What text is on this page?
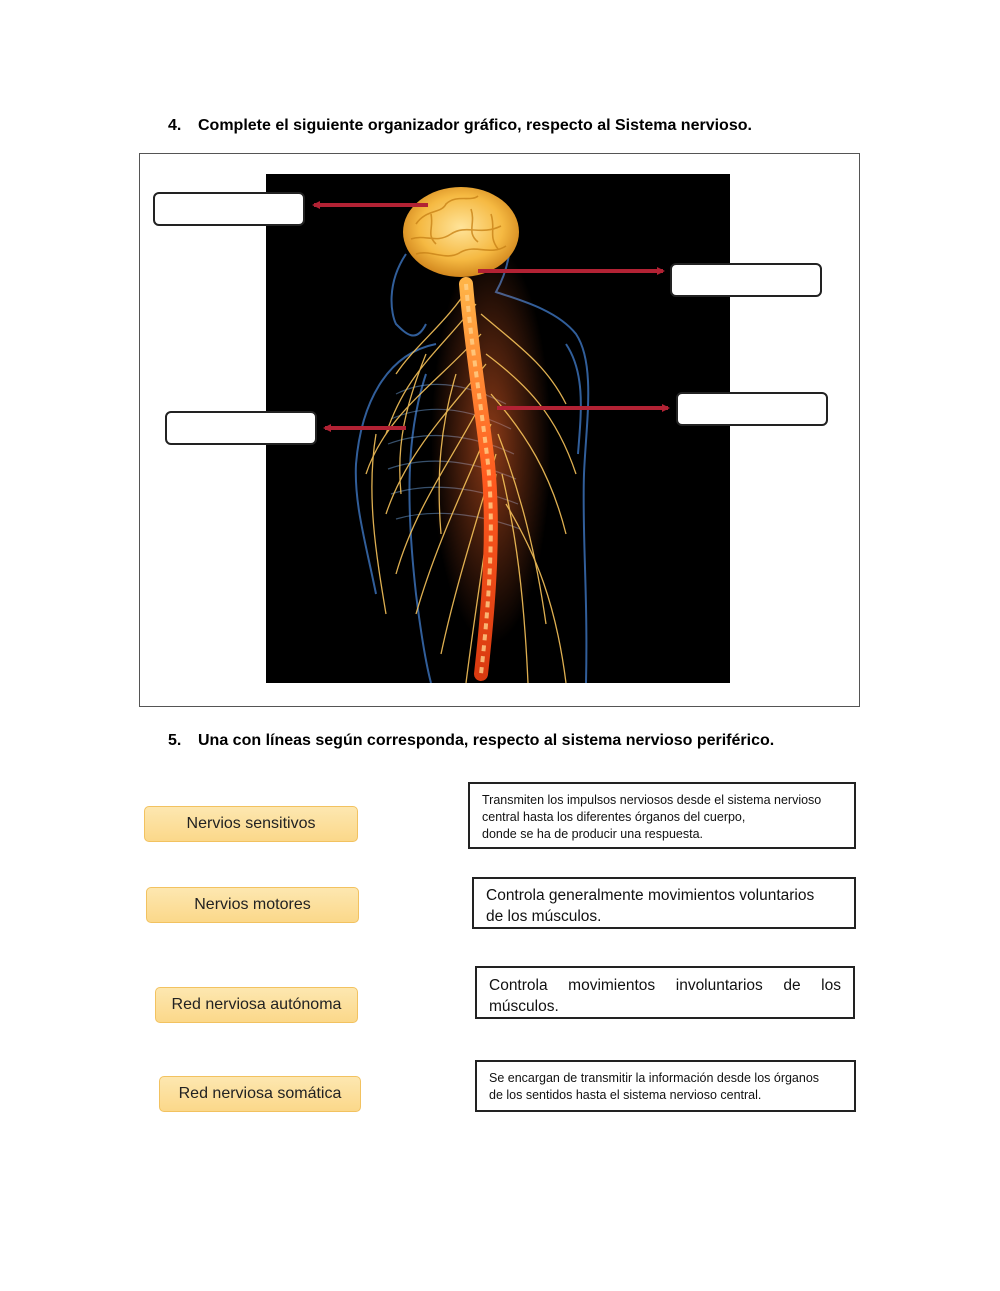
4. Complete el siguiente organizador gráfico, respecto al Sistema nervioso.
5. Una con líneas según corresponda, respecto al sistema nervioso periférico.
Nervios sensitivos
Nervios motores
Red nerviosa autónoma
Red nerviosa somática
Transmiten los impulsos nerviosos desde el sistema nervioso
central hasta los diferentes órganos del cuerpo,
donde se ha de producir una respuesta.
Controla generalmente movimientos voluntarios
de los músculos.
Controla movimientos involuntarios de los
músculos.
Se encargan de transmitir la información desde los órganos
de los sentidos hasta el sistema nervioso central.
